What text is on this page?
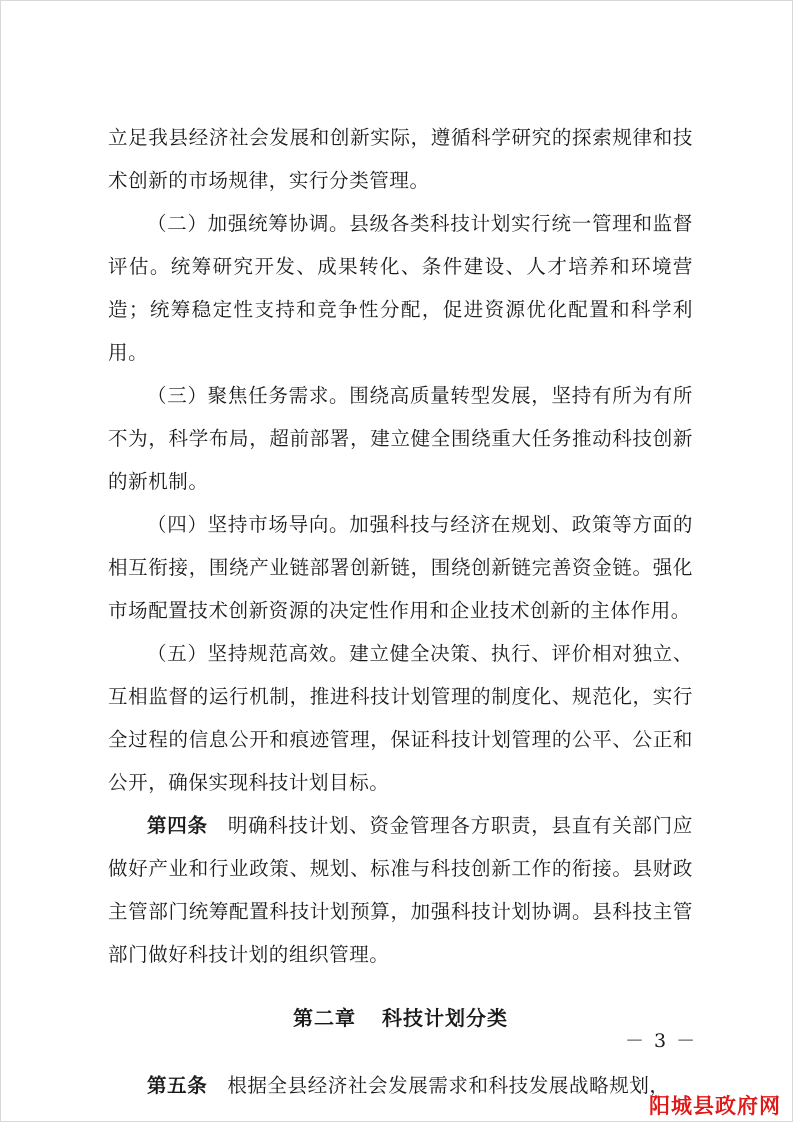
立足我县经济社会发展和创新实际，遵循科学研究的探索规律和技术创新的市场规律，实行分类管理。

（二）加强统筹协调。县级各类科技计划实行统一管理和监督评估。统筹研究开发、成果转化、条件建设、人才培养和环境营造；统筹稳定性支持和竞争性分配，促进资源优化配置和科学利用。

（三）聚焦任务需求。围绕高质量转型发展，坚持有所为有所不为，科学布局，超前部署，建立健全围绕重大任务推动科技创新的新机制。

（四）坚持市场导向。加强科技与经济在规划、政策等方面的相互衔接，围绕产业链部署创新链，围绕创新链完善资金链。强化市场配置技术创新资源的决定性作用和企业技术创新的主体作用。

（五）坚持规范高效。建立健全决策、执行、评价相对独立、互相监督的运行机制，推进科技计划管理的制度化、规范化，实行全过程的信息公开和痕迹管理，保证科技计划管理的公平、公正和公开，确保实现科技计划目标。

第四条 明确科技计划、资金管理各方职责，县直有关部门应做好产业和行业政策、规划、标准与科技创新工作的衔接。县财政主管部门统筹配置科技计划预算，加强科技计划协调。县科技主管部门做好科技计划的组织管理。

第二章 科技计划分类

第五条 根据全县经济社会发展需求和科技发展战略规划，

－ 3 －
阳城县政府网
